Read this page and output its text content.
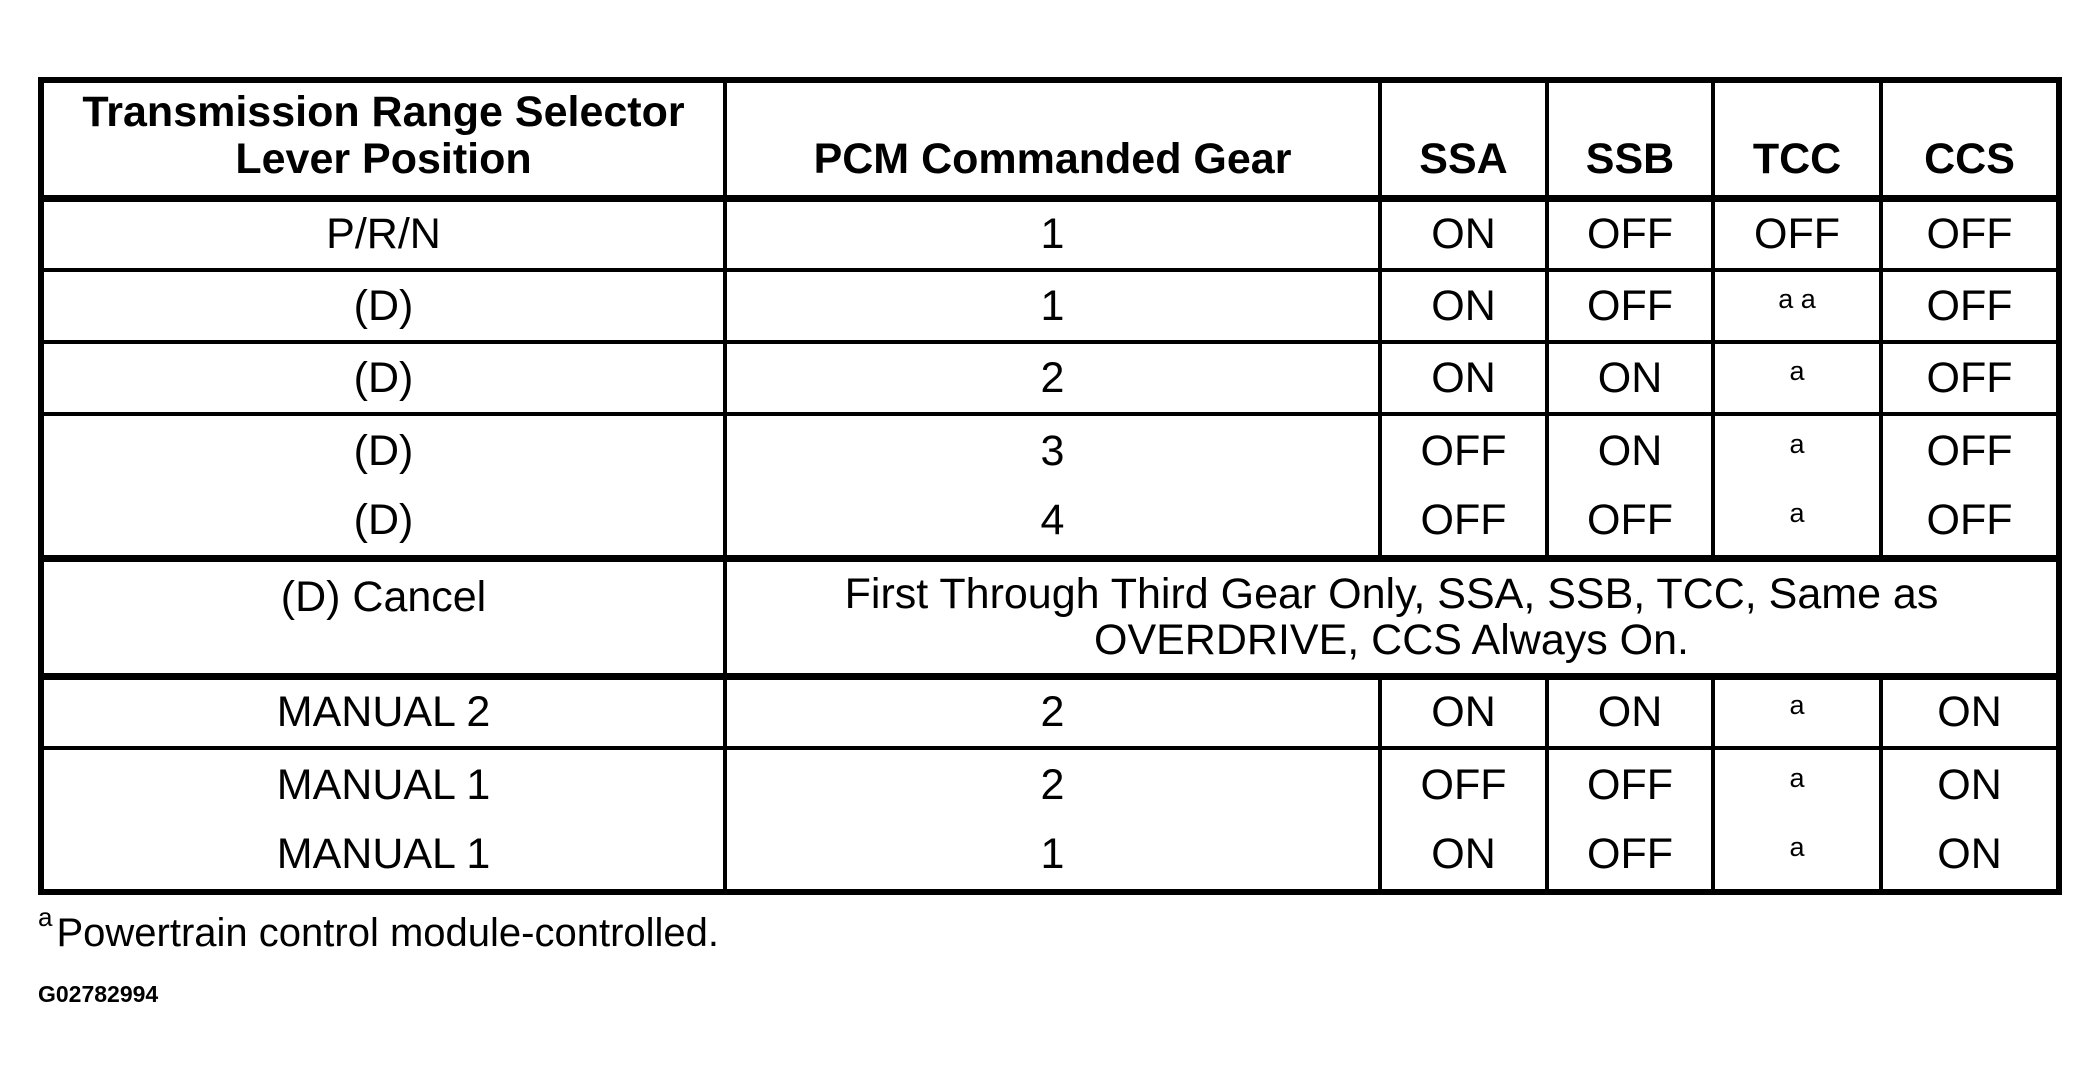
Transmission Range Selector
Lever Position	PCM Commanded Gear	SSA	SSB	TCC	CCS
P/R/N	1	ON	OFF	OFF	OFF
(D)	1	ON	OFF	a a	OFF
(D)	2	ON	ON	a	OFF
(D)	3	OFF	ON	a	OFF
(D)	4	OFF	OFF	a	OFF
(D) Cancel	First Through Third Gear Only, SSA, SSB, TCC, Same as
OVERDRIVE, CCS Always On.				

MANUAL 2	2	ON	ON	a	ON
MANUAL 1	2	OFF	OFF	a	ON
MANUAL 1	1	ON	OFF	a	ON
$^a$ Powertrain control module-controlled.
G02782994
